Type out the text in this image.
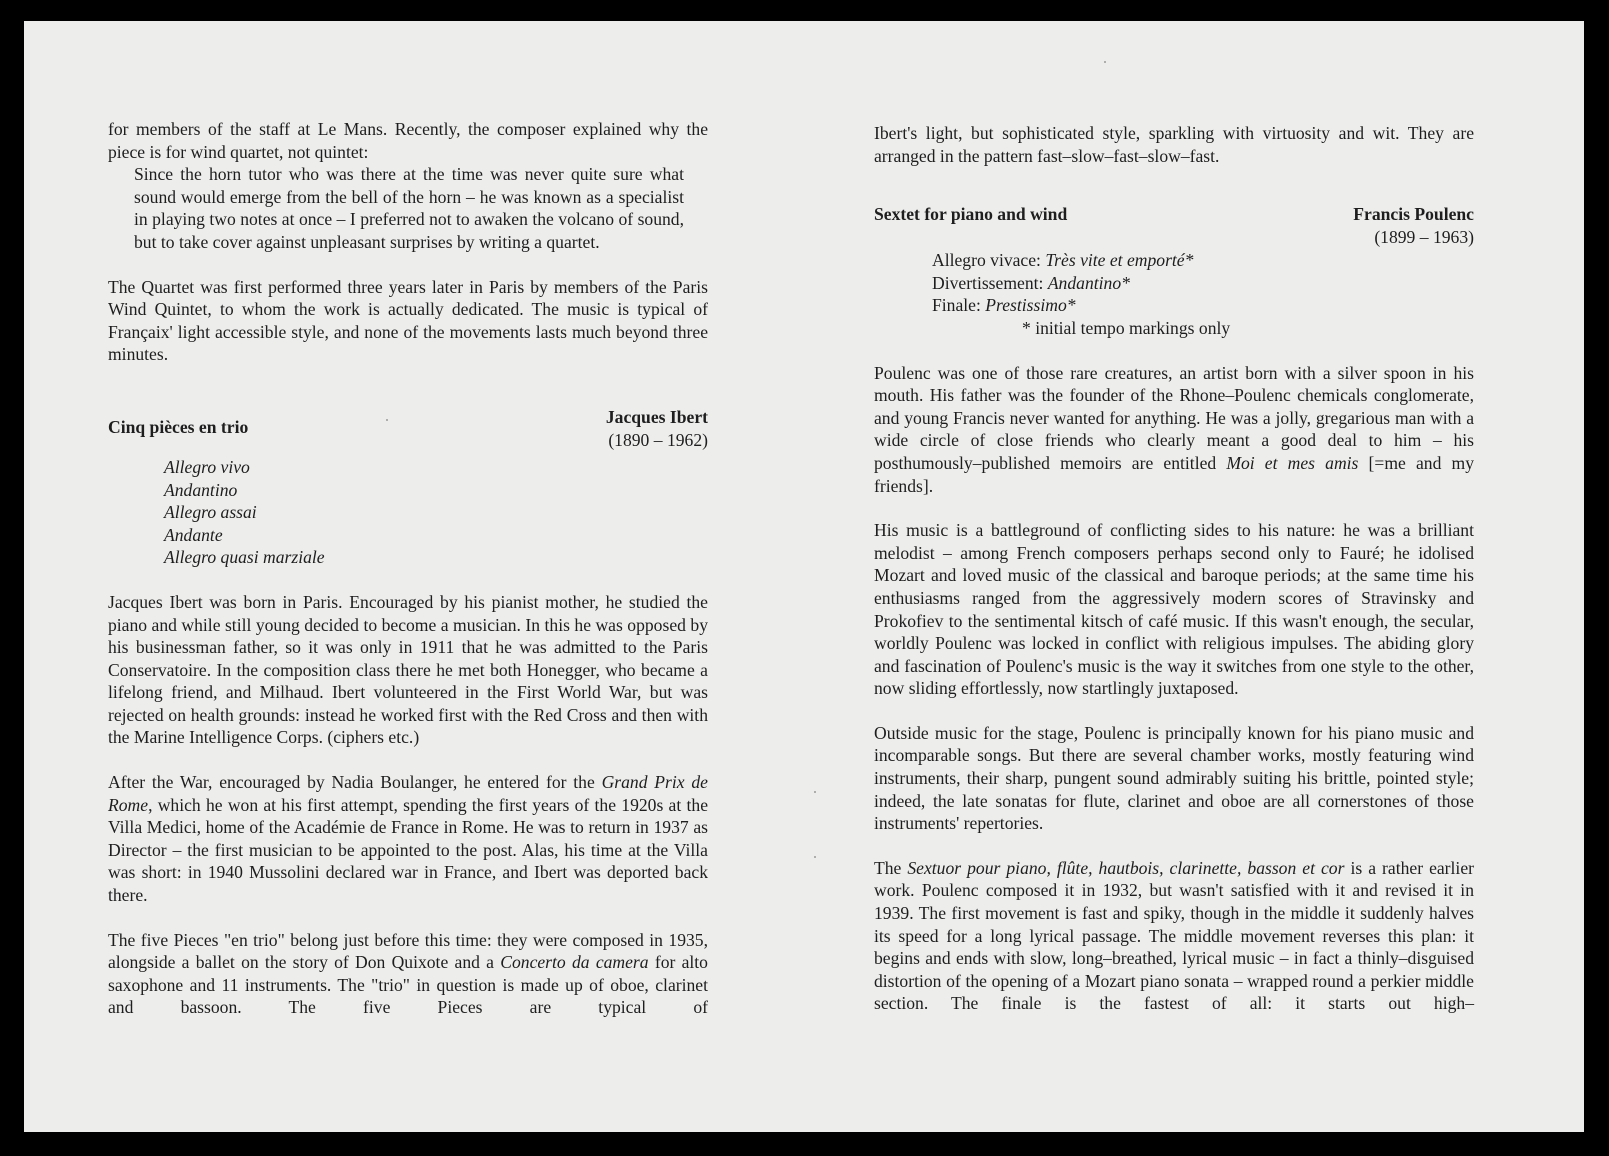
for members of the staff at Le Mans. Recently, the composer explained why the piece is for wind quartet, not quintet:

Since the horn tutor who was there at the time was never quite sure what sound would emerge from the bell of the horn – he was known as a specialist in playing two notes at once – I preferred not to awaken the volcano of sound, but to take cover against unpleasant surprises by writing a quartet.

The Quartet was first performed three years later in Paris by members of the Paris Wind Quintet, to whom the work is actually dedicated. The music is typical of Françaix' light accessible style, and none of the movements lasts much beyond three minutes.

Cinq pièces en trio	Jacques Ibert
(1890 – 1962)

Allegro vivo

Andantino

Allegro assai

Andante

Allegro quasi marziale

Jacques Ibert was born in Paris. Encouraged by his pianist mother, he studied the piano and while still young decided to become a musician. In this he was opposed by his businessman father, so it was only in 1911 that he was admitted to the Paris Conservatoire. In the composition class there he met both Honegger, who became a lifelong friend, and Milhaud. Ibert volunteered in the First World War, but was rejected on health grounds: instead he worked first with the Red Cross and then with the Marine Intelligence Corps. (ciphers etc.)

After the War, encouraged by Nadia Boulanger, he entered for the Grand Prix de Rome, which he won at his first attempt, spending the first years of the 1920s at the Villa Medici, home of the Académie de France in Rome. He was to return in 1937 as Director – the first musician to be appointed to the post. Alas, his time at the Villa was short: in 1940 Mussolini declared war in France, and Ibert was deported back there.

The five Pieces "en trio" belong just before this time: they were composed in 1935, alongside a ballet on the story of Don Quixote and a Concerto da camera for alto saxophone and 11 instruments. The "trio" in question is made up of oboe, clarinet and bassoon. The five Pieces are typical of

Ibert's light, but sophisticated style, sparkling with virtuosity and wit. They are arranged in the pattern fast–slow–fast–slow–fast.

Sextet for piano and wind	Francis Poulenc
(1899 – 1963)

Allegro vivace: Très vite et emporté*

Divertissement: Andantino*

Finale: Prestissimo*

* initial tempo markings only

Poulenc was one of those rare creatures, an artist born with a silver spoon in his mouth. His father was the founder of the Rhone–Poulenc chemicals conglomerate, and young Francis never wanted for anything. He was a jolly, gregarious man with a wide circle of close friends who clearly meant a good deal to him – his posthumously–published memoirs are entitled Moi et mes amis [=me and my friends].

His music is a battleground of conflicting sides to his nature: he was a brilliant melodist – among French composers perhaps second only to Fauré; he idolised Mozart and loved music of the classical and baroque periods; at the same time his enthusiasms ranged from the aggressively modern scores of Stravinsky and Prokofiev to the sentimental kitsch of café music. If this wasn't enough, the secular, worldly Poulenc was locked in conflict with religious impulses. The abiding glory and fascination of Poulenc's music is the way it switches from one style to the other, now sliding effortlessly, now startlingly juxtaposed.

Outside music for the stage, Poulenc is principally known for his piano music and incomparable songs. But there are several chamber works, mostly featuring wind instruments, their sharp, pungent sound admirably suiting his brittle, pointed style; indeed, the late sonatas for flute, clarinet and oboe are all cornerstones of those instruments' repertories.

The Sextuor pour piano, flûte, hautbois, clarinette, basson et cor is a rather earlier work. Poulenc composed it in 1932, but wasn't satisfied with it and revised it in 1939. The first movement is fast and spiky, though in the middle it suddenly halves its speed for a long lyrical passage. The middle movement reverses this plan: it begins and ends with slow, long–breathed, lyrical music – in fact a thinly–disguised distortion of the opening of a Mozart piano sonata – wrapped round a perkier middle section. The finale is the fastest of all: it starts out high–
